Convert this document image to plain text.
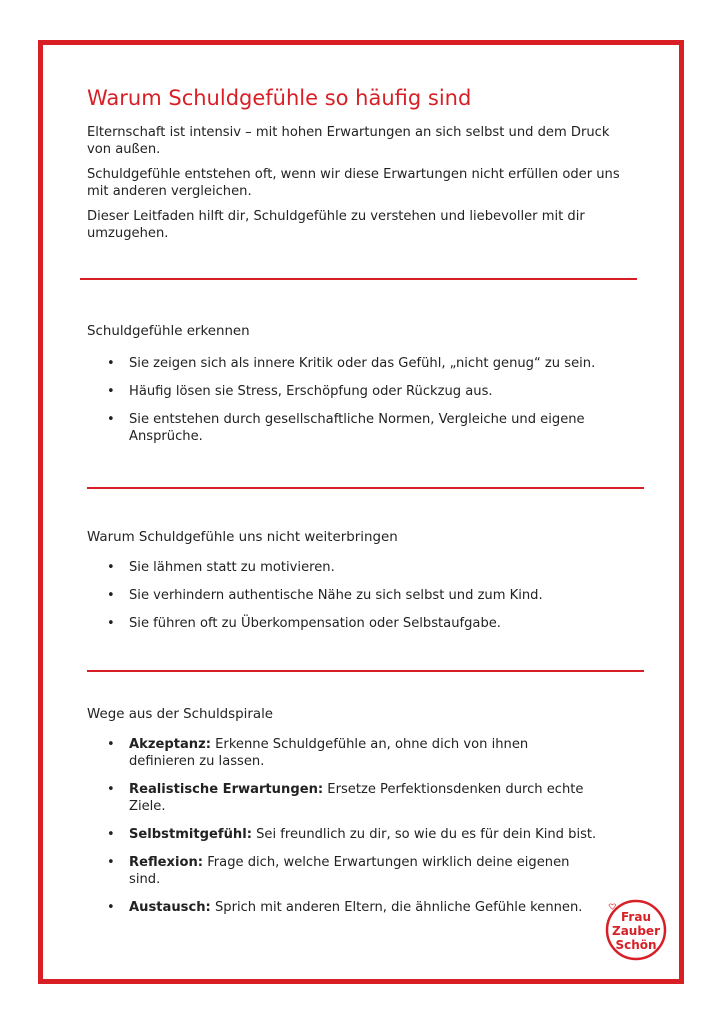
Warum Schuldgefühle so häufig sind

Elternschaft ist intensiv – mit hohen Erwartungen an sich selbst und dem Druck von außen.

Schuldgefühle entstehen oft, wenn wir diese Erwartungen nicht erfüllen oder uns mit anderen vergleichen.

Dieser Leitfaden hilft dir, Schuldgefühle zu verstehen und liebevoller mit dir umzugehen.

Schuldgefühle erkennen
• Sie zeigen sich als innere Kritik oder das Gefühl, „nicht genug“ zu sein.
• Häufig lösen sie Stress, Erschöpfung oder Rückzug aus.
• Sie entstehen durch gesellschaftliche Normen, Vergleiche und eigene Ansprüche.
Warum Schuldgefühle uns nicht weiterbringen
• Sie lähmen statt zu motivieren.
• Sie verhindern authentische Nähe zu sich selbst und zum Kind.
• Sie führen oft zu Überkompensation oder Selbstaufgabe.
Wege aus der Schuldspirale
• Akzeptanz: Erkenne Schuldgefühle an, ohne dich von ihnen definieren zu lassen.
• Realistische Erwartungen: Ersetze Perfektionsdenken durch echte Ziele.
• Selbstmitgefühl: Sei freundlich zu dir, so wie du es für dein Kind bist.
• Reflexion: Frage dich, welche Erwartungen wirklich deine eigenen sind.
• Austausch: Sprich mit anderen Eltern, die ähnliche Gefühle kennen.
Frau
Zauber
Schön
